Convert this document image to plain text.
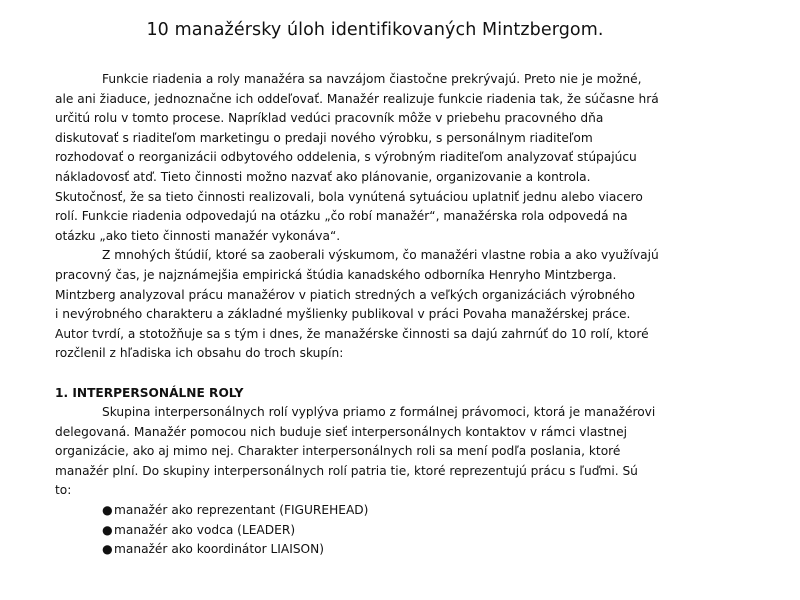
10 manažérsky úloh identifikovaných Mintzbergom.
Funkcie riadenia a roly manažéra sa navzájom čiastočne prekrývajú. Preto nie je možné,
ale ani žiaduce, jednoznačne ich oddeľovať. Manažér realizuje funkcie riadenia tak, že súčasne hrá
určitú rolu v tomto procese. Napríklad vedúci pracovník môže v priebehu pracovného dňa
diskutovať s riaditeľom marketingu o predaji nového výrobku, s personálnym riaditeľom
rozhodovať o reorganizácii odbytového oddelenia, s výrobným riaditeľom analyzovať stúpajúcu
nákladovosť atď. Tieto činnosti možno nazvať ako plánovanie, organizovanie a kontrola.
Skutočnosť, že sa tieto činnosti realizovali, bola vynútená sytuáciou uplatniť jednu alebo viacero
rolí. Funkcie riadenia odpovedajú na otázku „čo robí manažér“, manažérska rola odpovedá na
otázku „ako tieto činnosti manažér vykonáva“.
Z mnohých štúdií, ktoré sa zaoberali výskumom, čo manažéri vlastne robia a ako využívajú
pracovný čas, je najznámejšia empirická štúdia kanadského odborníka Henryho Mintzberga.
Mintzberg analyzoval prácu manažérov v piatich stredných a veľkých organizáciách výrobného
i nevýrobného charakteru a základné myšlienky publikoval v práci Povaha manažérskej práce.
Autor tvrdí, a stotožňuje sa s tým i dnes, že manažérske činnosti sa dajú zahrnúť do 10 rolí, ktoré
rozčlenil z hľadiska ich obsahu do troch skupín:
1. INTERPERSONÁLNE ROLY
Skupina interpersonálnych rolí vyplýva priamo z formálnej právomoci, ktorá je manažérovi
delegovaná. Manažér pomocou nich buduje sieť interpersonálnych kontaktov v rámci vlastnej
organizácie, ako aj mimo nej. Charakter interpersonálnych roli sa mení podľa poslania, ktoré
manažér plní. Do skupiny interpersonálnych rolí patria tie, ktoré reprezentujú prácu s ľuďmi. Sú
to:
●manažér ako reprezentant (FIGUREHEAD)
●manažér ako vodca (LEADER)
●manažér ako koordinátor LIAISON)
